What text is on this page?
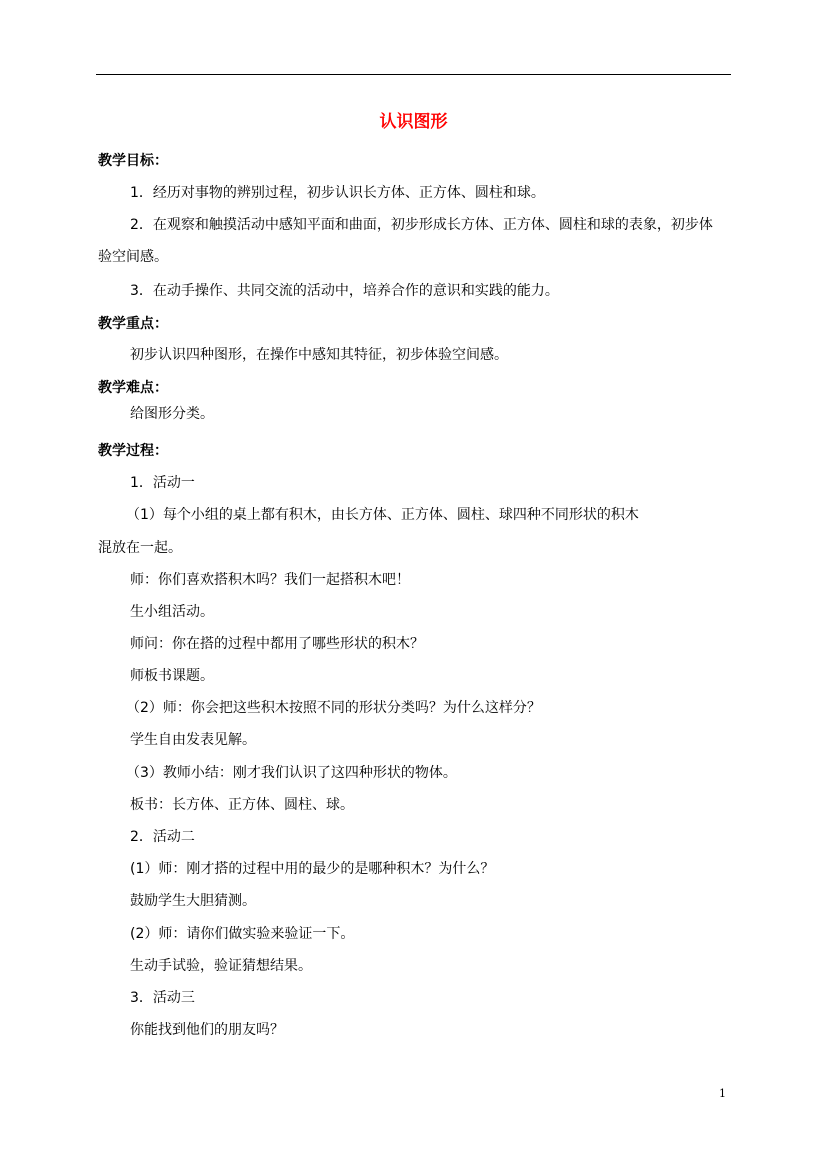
认识图形
教学目标：
1．经历对事物的辨别过程，初步认识长方体、正方体、圆柱和球。
2．在观察和触摸活动中感知平面和曲面，初步形成长方体、正方体、圆柱和球的表象，初步体
验空间感。
3．在动手操作、共同交流的活动中，培养合作的意识和实践的能力。
教学重点：
初步认识四种图形，在操作中感知其特征，初步体验空间感。
教学难点：
给图形分类。
教学过程：
1．活动一
（1）每个小组的桌上都有积木，由长方体、正方体、圆柱、球四种不同形状的积木
混放在一起。
师：你们喜欢搭积木吗？我们一起搭积木吧！
生小组活动。
师问：你在搭的过程中都用了哪些形状的积木？
师板书课题。
（2）师：你会把这些积木按照不同的形状分类吗？为什么这样分？
学生自由发表见解。
（3）教师小结：刚才我们认识了这四种形状的物体。
板书：长方体、正方体、圆柱、球。
2．活动二
(1）师：刚才搭的过程中用的最少的是哪种积木？为什么？
鼓励学生大胆猜测。
(2）师：请你们做实验来验证一下。
生动手试验，验证猜想结果。
3．活动三
你能找到他们的朋友吗？
1
